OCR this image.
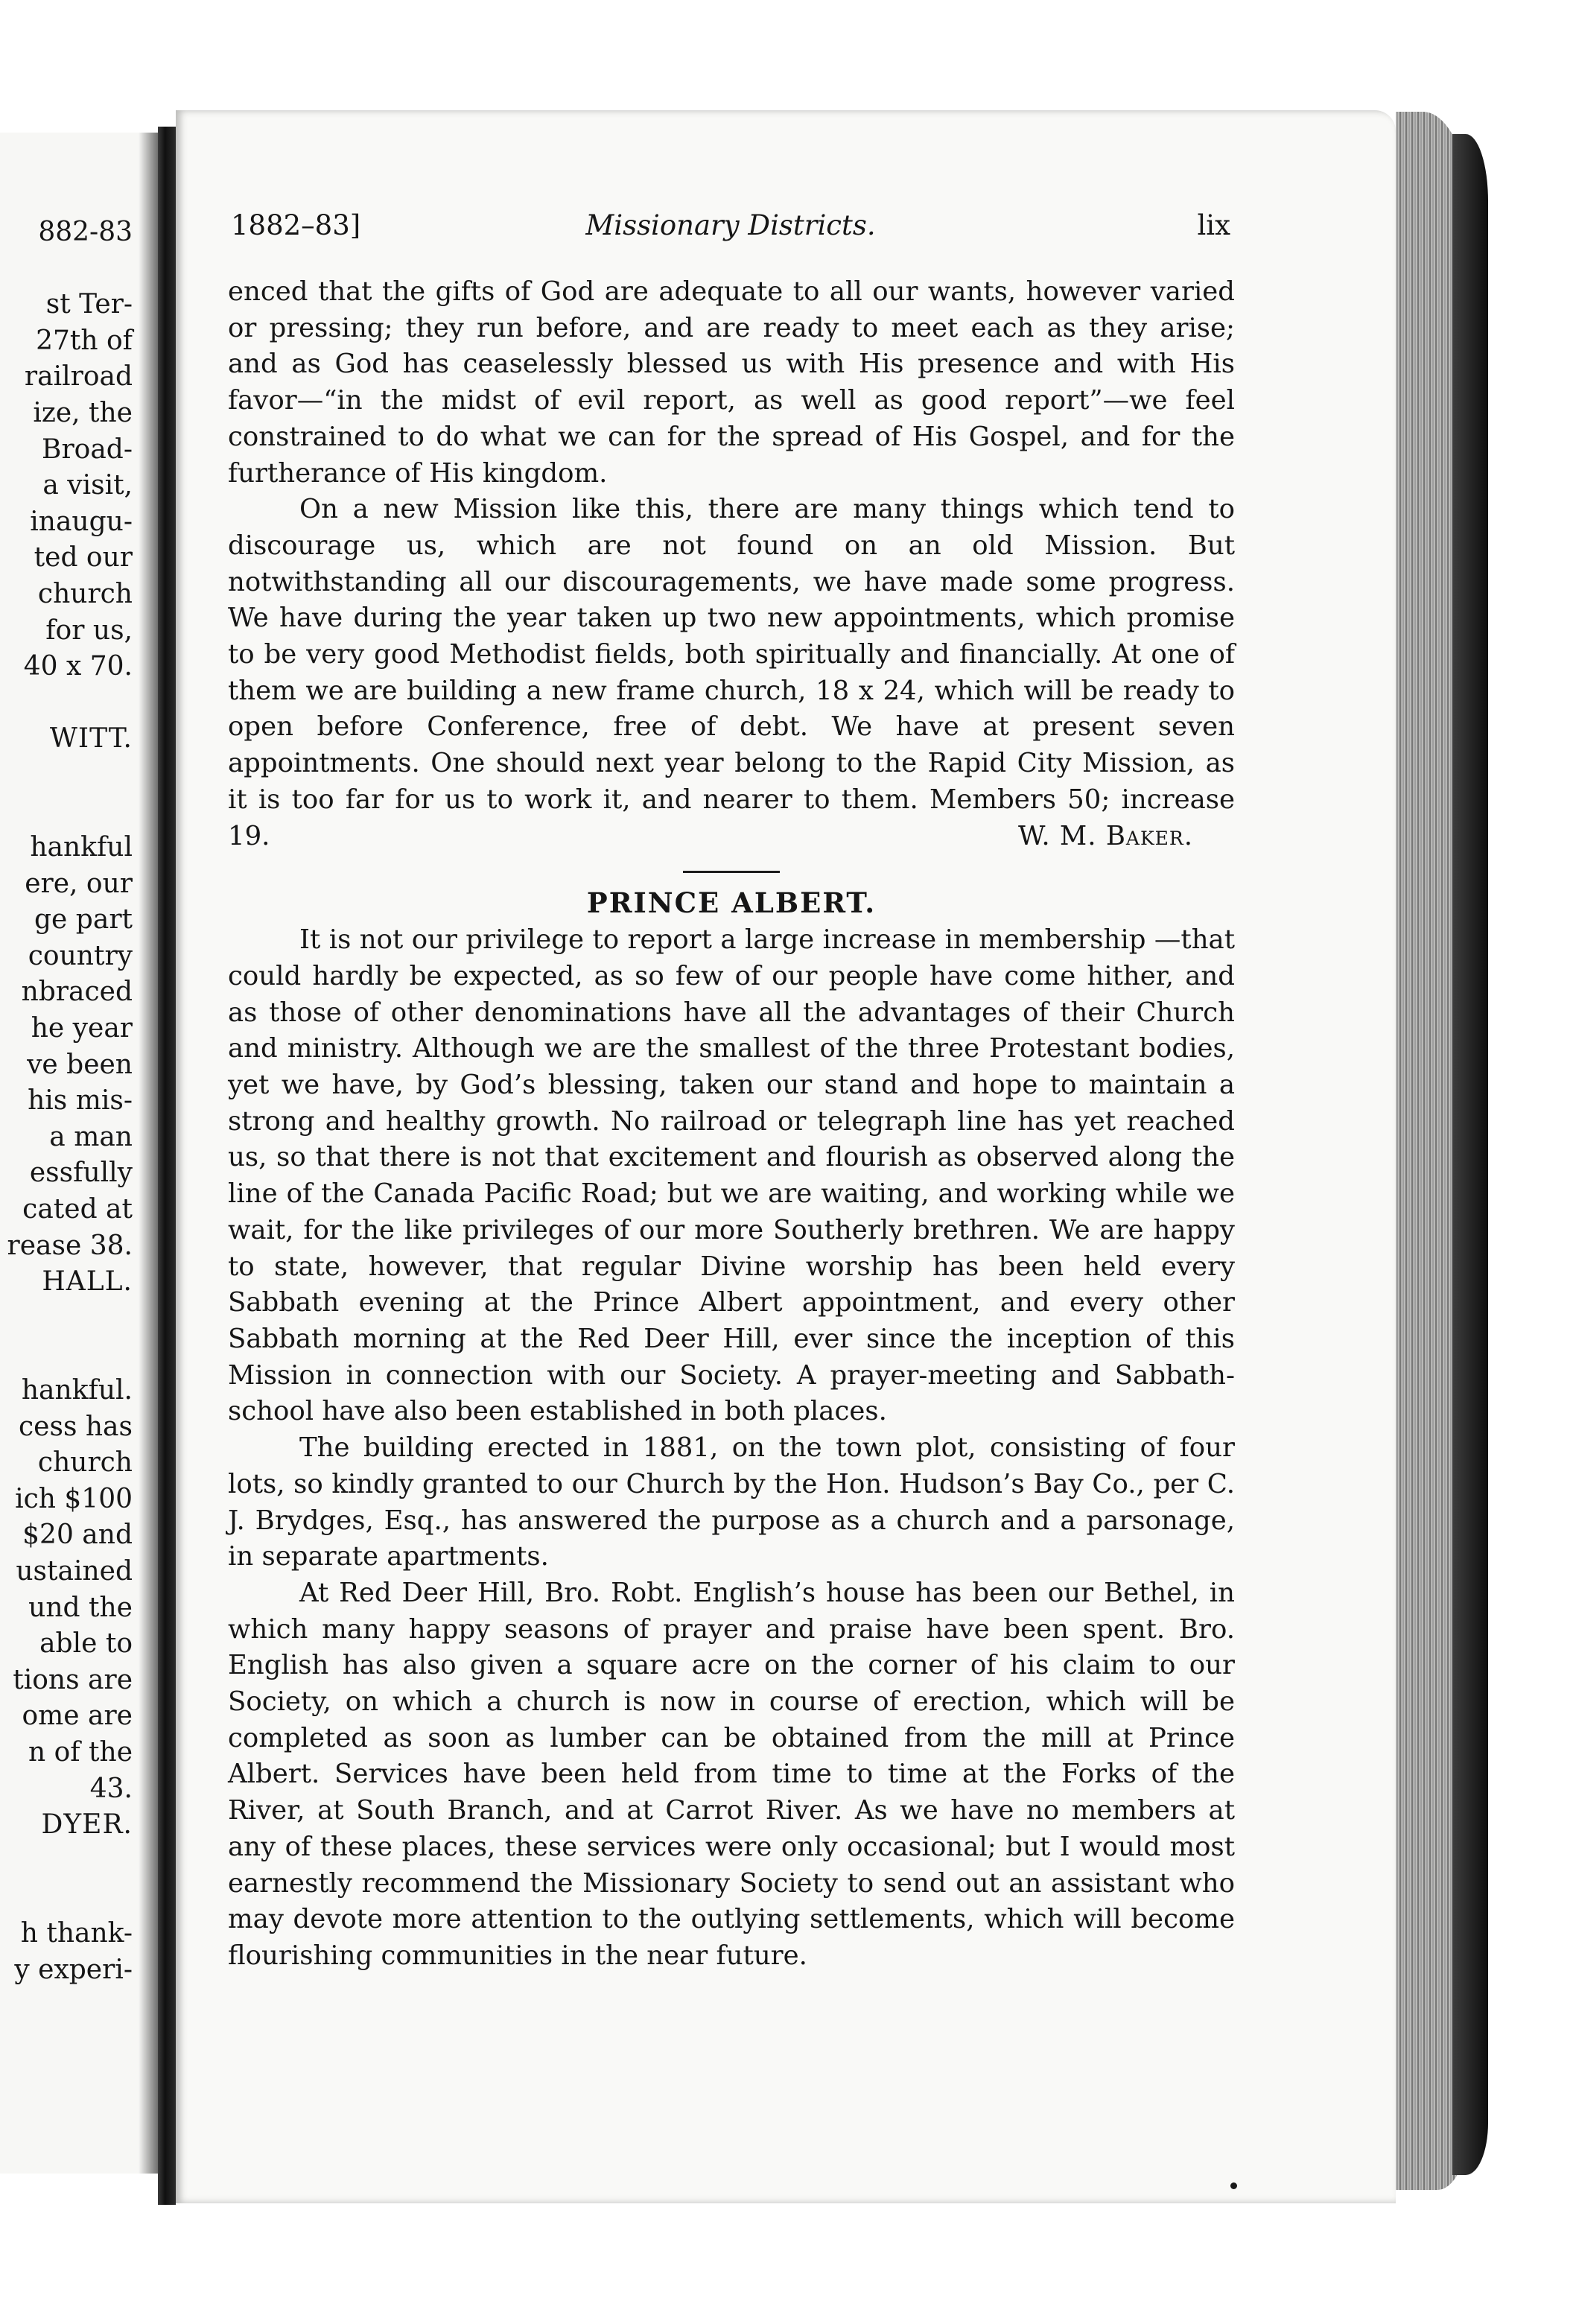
882-83
st Ter-
27th of
railroad
ize, the
Broad-
a visit,
inaugu-
ted our
church
for us,
40 x 70.
WITT.
hankful
ere, our
ge part
country
nbraced
he year
ve been
his mis-
a man
essfully
cated at
rease 38.
HALL.
hankful.
cess has
church
ich $100
$20 and
ustained
und the
able to
tions are
ome are
n of the
43.
DYER.
h thank-
y experi-
1882–83]	Missionary Districts.	lix

enced that the gifts of God are adequate to all our wants, however varied or pressing; they run before, and are ready to meet each as they arise; and as God has ceaselessly blessed us with His presence and with His favor—“in the midst of evil report, as well as good report”—we feel constrained to do what we can for the spread of His Gospel, and for the furtherance of His kingdom.

On a new Mission like this, there are many things which tend to discourage us, which are not found on an old Mission. But notwithstanding all our discouragements, we have made some progress. We have during the year taken up two new appointments, which promise to be very good Methodist fields, both spiritually and financially. At one of them we are building a new frame church, 18 x 24, which will be ready to open before Conference, free of debt. We have at present seven appointments. One should next year belong to the Rapid City Mission, as it is too far for us to work it, and nearer to them. Members 50; increase 19.	W. M. Baker.
PRINCE ALBERT.

It is not our privilege to report a large increase in membership —that could hardly be expected, as so few of our people have come hither, and as those of other denominations have all the advantages of their Church and ministry. Although we are the smallest of the three Protestant bodies, yet we have, by God’s blessing, taken our stand and hope to maintain a strong and healthy growth. No railroad or telegraph line has yet reached us, so that there is not that excitement and flourish as observed along the line of the Canada Pacific Road; but we are waiting, and working while we wait, for the like privileges of our more Southerly brethren. We are happy to state, however, that regular Divine worship has been held every Sabbath evening at the Prince Albert appointment, and every other Sabbath morning at the Red Deer Hill, ever since the inception of this Mission in connection with our Society. A prayer-meeting and Sabbath-school have also been established in both places.

The building erected in 1881, on the town plot, consisting of four lots, so kindly granted to our Church by the Hon. Hudson’s Bay Co., per C. J. Brydges, Esq., has answered the purpose as a church and a parsonage, in separate apartments.

At Red Deer Hill, Bro. Robt. English’s house has been our Bethel, in which many happy seasons of prayer and praise have been spent. Bro. English has also given a square acre on the corner of his claim to our Society, on which a church is now in course of erection, which will be completed as soon as lumber can be obtained from the mill at Prince Albert. Services have been held from time to time at the Forks of the River, at South Branch, and at Carrot River. As we have no members at any of these places, these services were only occasional; but I would most earnestly recommend the Missionary Society to send out an assistant who may devote more attention to the outlying settlements, which will become flourishing communities in the near future.
